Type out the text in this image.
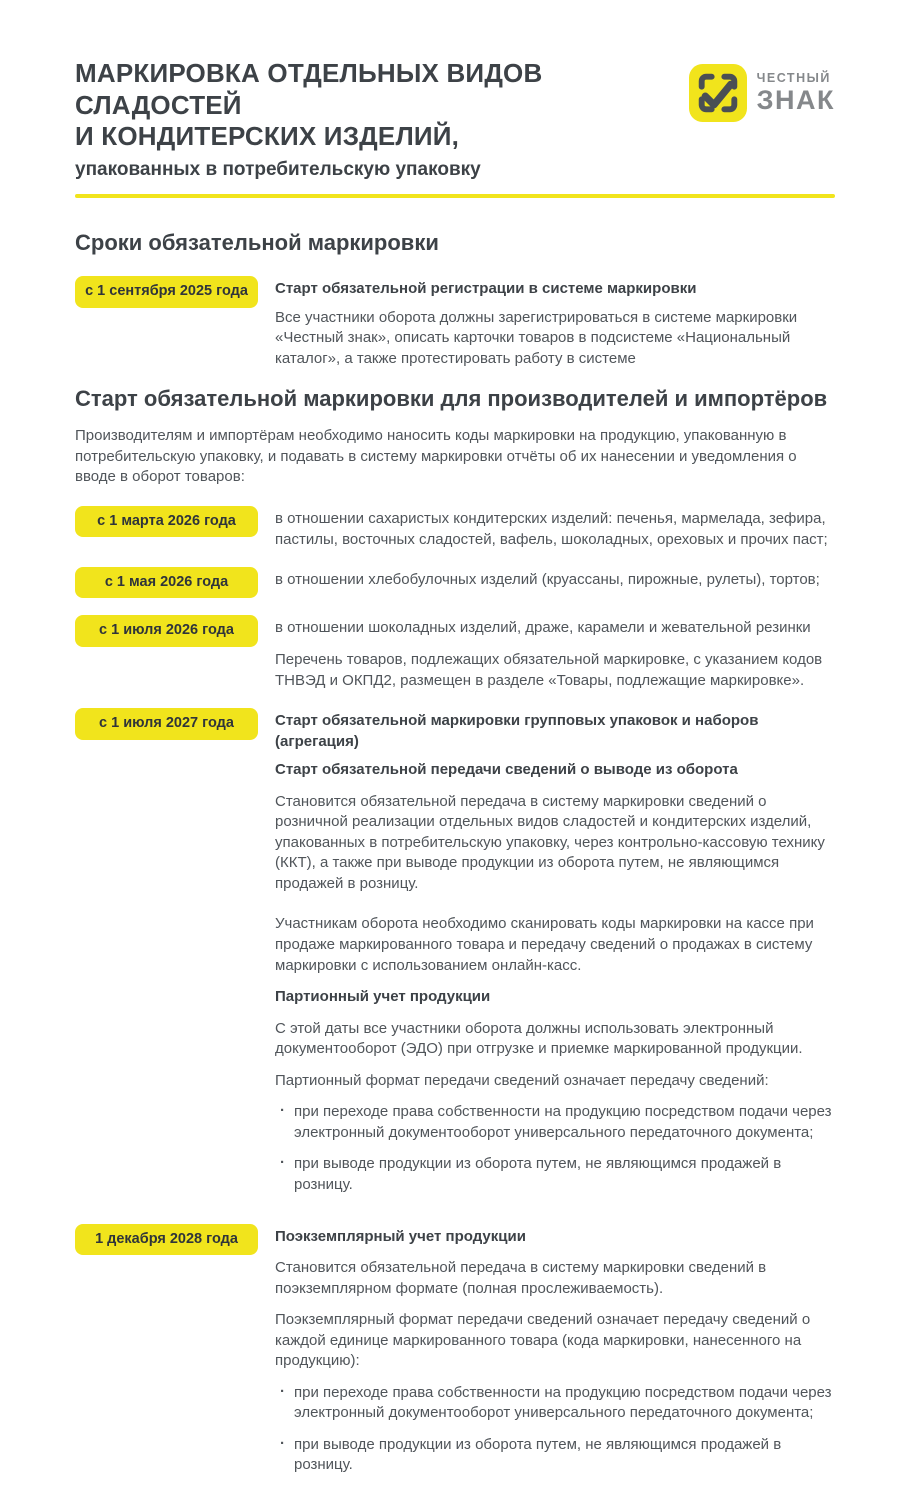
МАРКИРОВКА ОТДЕЛЬНЫХ ВИДОВ СЛАДОСТЕЙ
И КОНДИТЕРСКИХ ИЗДЕЛИЙ,
упакованных в потребительскую упаковку
ЧЕСТНЫЙ
ЗНАК
Сроки обязательной маркировки
с 1 сентября 2025 года	Старт обязательной регистрации в системе маркировки

Все участники оборота должны зарегистрироваться в системе маркировки «Честный знак», описать карточки товаров в подсистеме «Национальный каталог», а также протестировать работу в системе

Старт обязательной маркировки для производителей и импортёров

Производителям и импортёрам необходимо наносить коды маркировки на продукцию, упакованную в потребительскую упаковку, и подавать в систему маркировки отчёты об их нанесении и уведомления о вводе в оборот товаров:

с 1 марта 2026 года	в отношении сахаристых кондитерских изделий: печенья, мармелада, зефира, пастилы, восточных сладостей, вафель, шоколадных, ореховых и прочих паст;

с 1 мая 2026 года	в отношении хлебобулочных изделий (круассаны, пирожные, рулеты), тортов;

с 1 июля 2026 года	в отношении шоколадных изделий, драже, карамели и жевательной резинки

Перечень товаров, подлежащих обязательной маркировке, с указанием кодов ТНВЭД и ОКПД2, размещен в разделе «Товары, подлежащие маркировке».

с 1 июля 2027 года	Старт обязательной маркировки групповых упаковок и наборов (агрегация)

Старт обязательной передачи сведений о выводе из оборота

Становится обязательной передача в систему маркировки сведений о розничной реализации отдельных видов сладостей и кондитерских изделий, упакованных в потребительскую упаковку, через контрольно-кассовую технику (ККТ), а также при выводе продукции из оборота путем, не являющимся продажей в розницу.

Участникам оборота необходимо сканировать коды маркировки на кассе при продаже маркированного товара и передачу сведений о продажах в систему маркировки с использованием онлайн-касс.

Партионный учет продукции

С этой даты все участники оборота должны использовать электронный документооборот (ЭДО) при отгрузке и приемке маркированной продукции.

Партионный формат передачи сведений означает передачу сведений:

· при переходе права собственности на продукцию посредством подачи через электронный документооборот универсального передаточного документа;
· при выводе продукции из оборота путем, не являющимся продажей в розницу.
1 декабря 2028 года	Поэкземплярный учет продукции

Становится обязательной передача в систему маркировки сведений в поэкземплярном формате (полная прослеживаемость).

Поэкземплярный формат передачи сведений означает передачу сведений о каждой единице маркированного товара (кода маркировки, нанесенного на продукцию):

· при переходе права собственности на продукцию посредством подачи через электронный документооборот универсального передаточного документа;
· при выводе продукции из оборота путем, не являющимся продажей в розницу.
